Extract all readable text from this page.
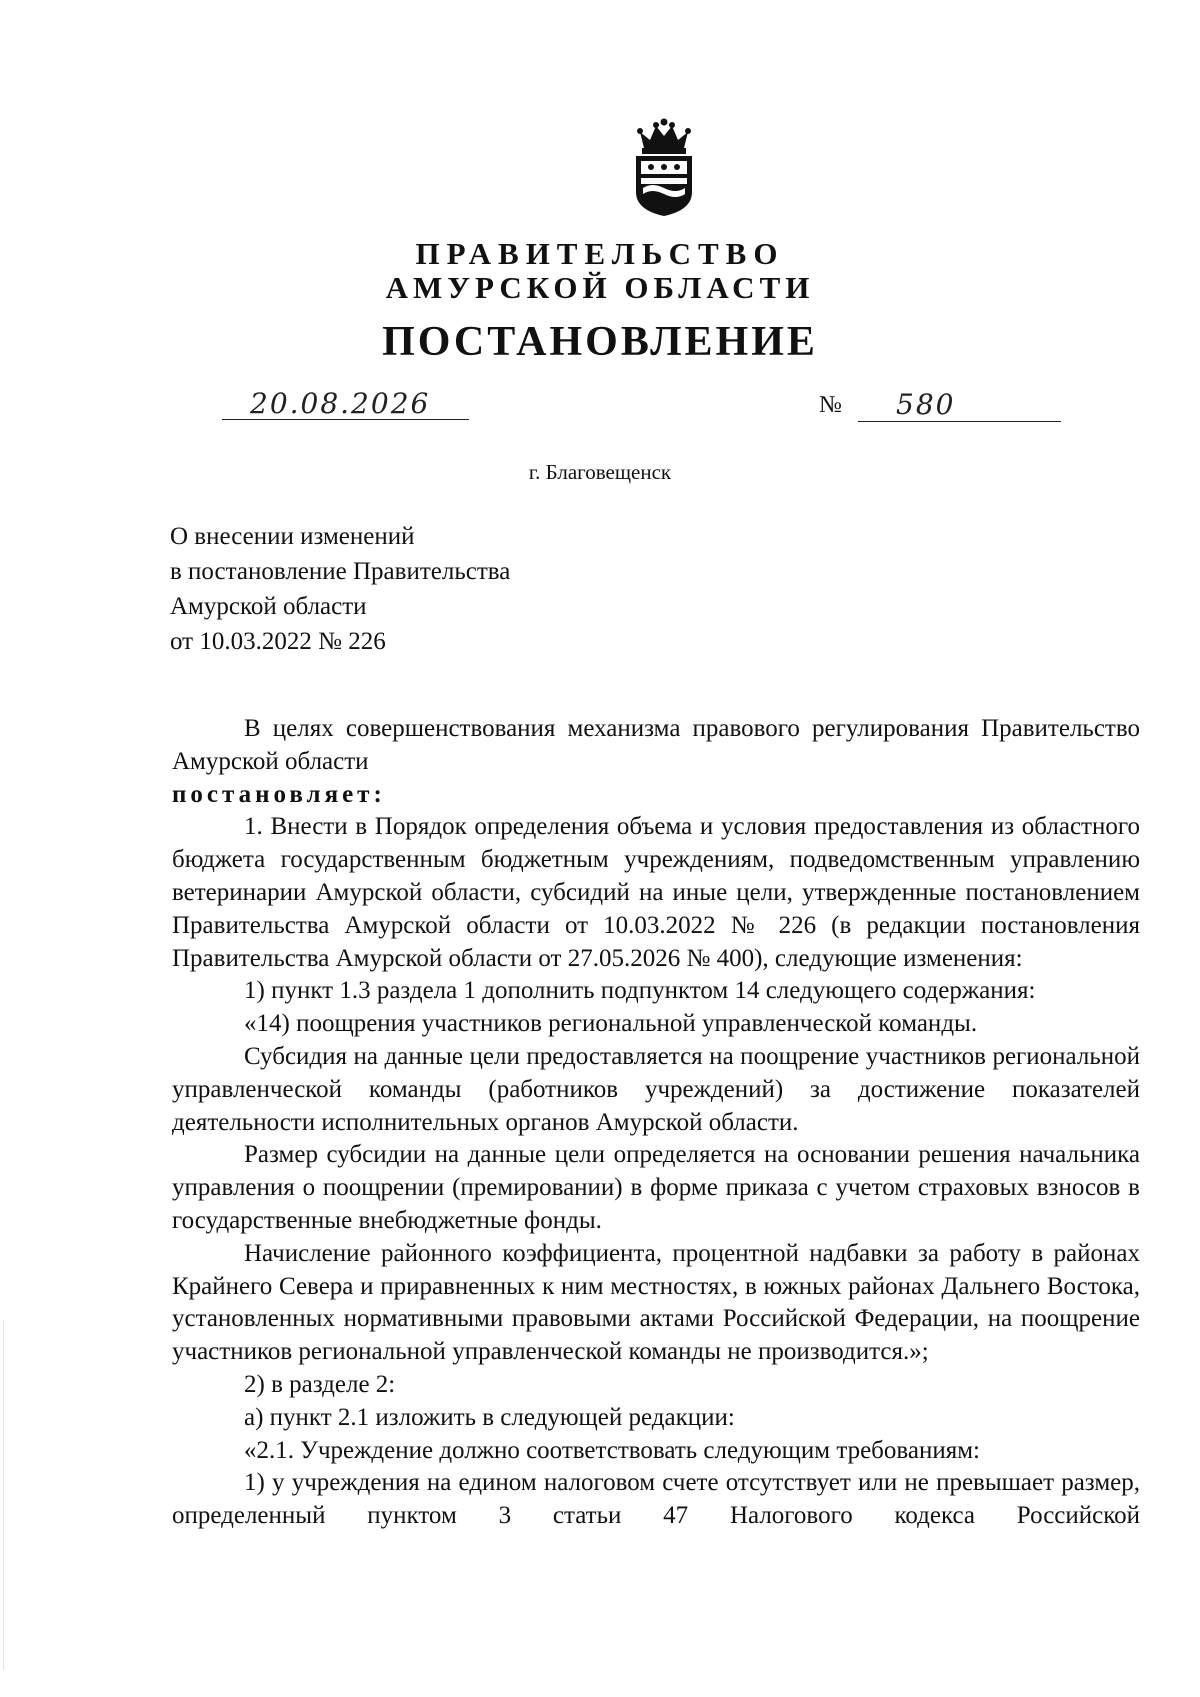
ПРАВИТЕЛЬСТВО
АМУРСКОЙ ОБЛАСТИ
ПОСТАНОВЛЕНИЕ
20.08.2026	№ 580
г. Благовещенск
О внесении изменений
в постановление Правительства
Амурской области
от 10.03.2022 № 226
В целях совершенствования механизма правового регулирования Правительство Амурской области
постановляет:
1. Внести в Порядок определения объема и условия предоставления из областного бюджета государственным бюджетным учреждениям, подведомственным управлению ветеринарии Амурской области, субсидий на иные цели, утвержденные постановлением Правительства Амурской области от 10.03.2022 № 226 (в редакции постановления Правительства Амурской области от 27.05.2026 № 400), следующие изменения:
1) пункт 1.3 раздела 1 дополнить подпунктом 14 следующего содержания:
«14) поощрения участников региональной управленческой команды.
Субсидия на данные цели предоставляется на поощрение участников региональной управленческой команды (работников учреждений) за достижение показателей деятельности исполнительных органов Амурской области.
Размер субсидии на данные цели определяется на основании решения начальника управления о поощрении (премировании) в форме приказа с учетом страховых взносов в государственные внебюджетные фонды.
Начисление районного коэффициента, процентной надбавки за работу в районах Крайнего Севера и приравненных к ним местностях, в южных районах Дальнего Востока, установленных нормативными правовыми актами Российской Федерации, на поощрение участников региональной управленческой команды не производится.»;
2) в разделе 2:
а) пункт 2.1 изложить в следующей редакции:
«2.1. Учреждение должно соответствовать следующим требованиям:
1) у учреждения на едином налоговом счете отсутствует или не превышает размер, определенный пунктом 3 статьи 47 Налогового кодекса Российской
